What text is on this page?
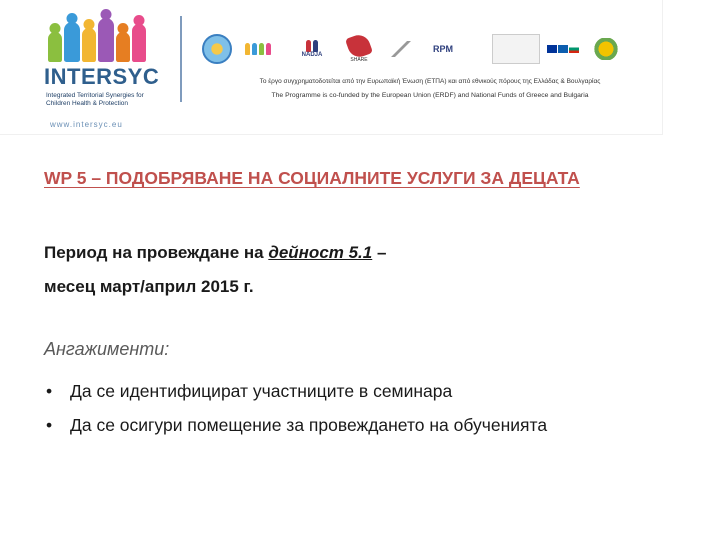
INTERSYC
Integrated Territorial Synergies for Children Health & Protection
www.intersyc.eu
NADJA
SHARE
RPM
Το έργο συγχρηματοδοτείται από την Ευρωπαϊκή Ένωση (ΕΤΠΑ) και από εθνικούς πόρους της Ελλάδας & Βουλγαρίας
The Programme is co-funded by the European Union (ERDF) and National Funds of Greece and Bulgaria
WP 5 – ПОДОБРЯВАНЕ НА СОЦИАЛНИТЕ УСЛУГИ ЗА ДЕЦАТА
Период на провеждане на дейност 5.1 –
месец март/април 2015 г.
Ангажименти:
• Да се идентифицират участниците в семинара
• Да се осигури помещение за провеждането на обученията
